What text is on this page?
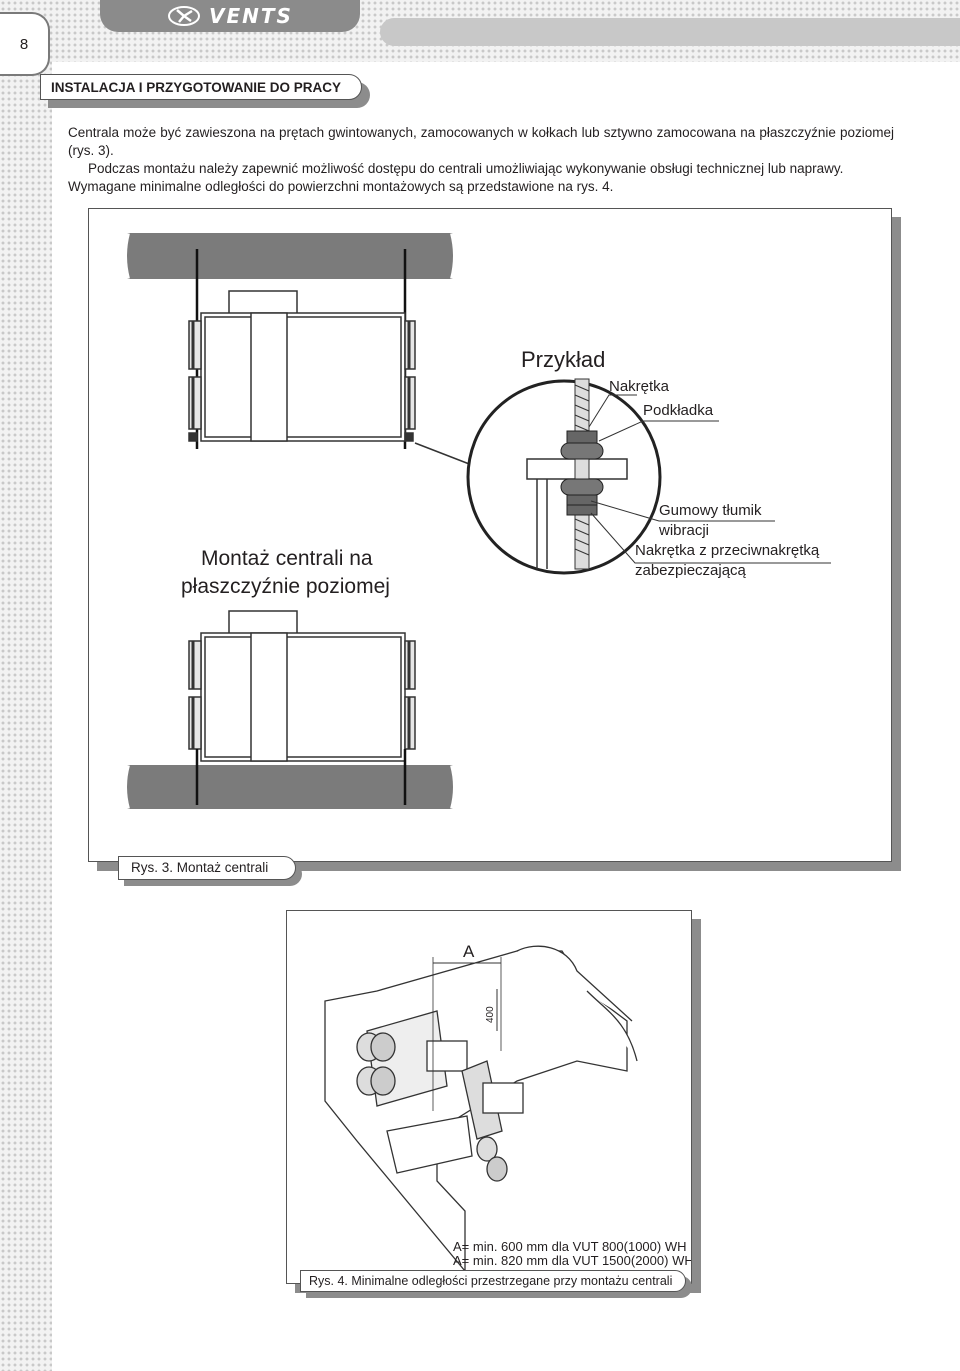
VENTS
8
INSTALACJA I PRZYGOTOWANIE DO PRACY
Centrala może być zawieszona na prętach gwintowanych, zamocowanych w kołkach lub sztywno zamocowana na płaszczyźnie poziomej (rys. 3).
Podczas montażu należy zapewnić możliwość dostępu do centrali umożliwiając wykonywanie obsługi technicznej lub naprawy.
Wymagane minimalne odległości do powierzchni montażowych są przedstawione na rys. 4.
Przykład
Nakrętka
Podkładka
Gumowy tłumik
wibracji
Nakrętka z przeciwnakrętką
zabezpieczającą
Montaż centrali na
płaszczyźnie poziomej
Rys. 3. Montaż centrali
A
400
A= min. 600 mm dla VUT 800(1000) WH
A= min. 820 mm dla VUT 1500(2000) WH
Rys. 4. Minimalne odległości przestrzegane przy montażu centrali
